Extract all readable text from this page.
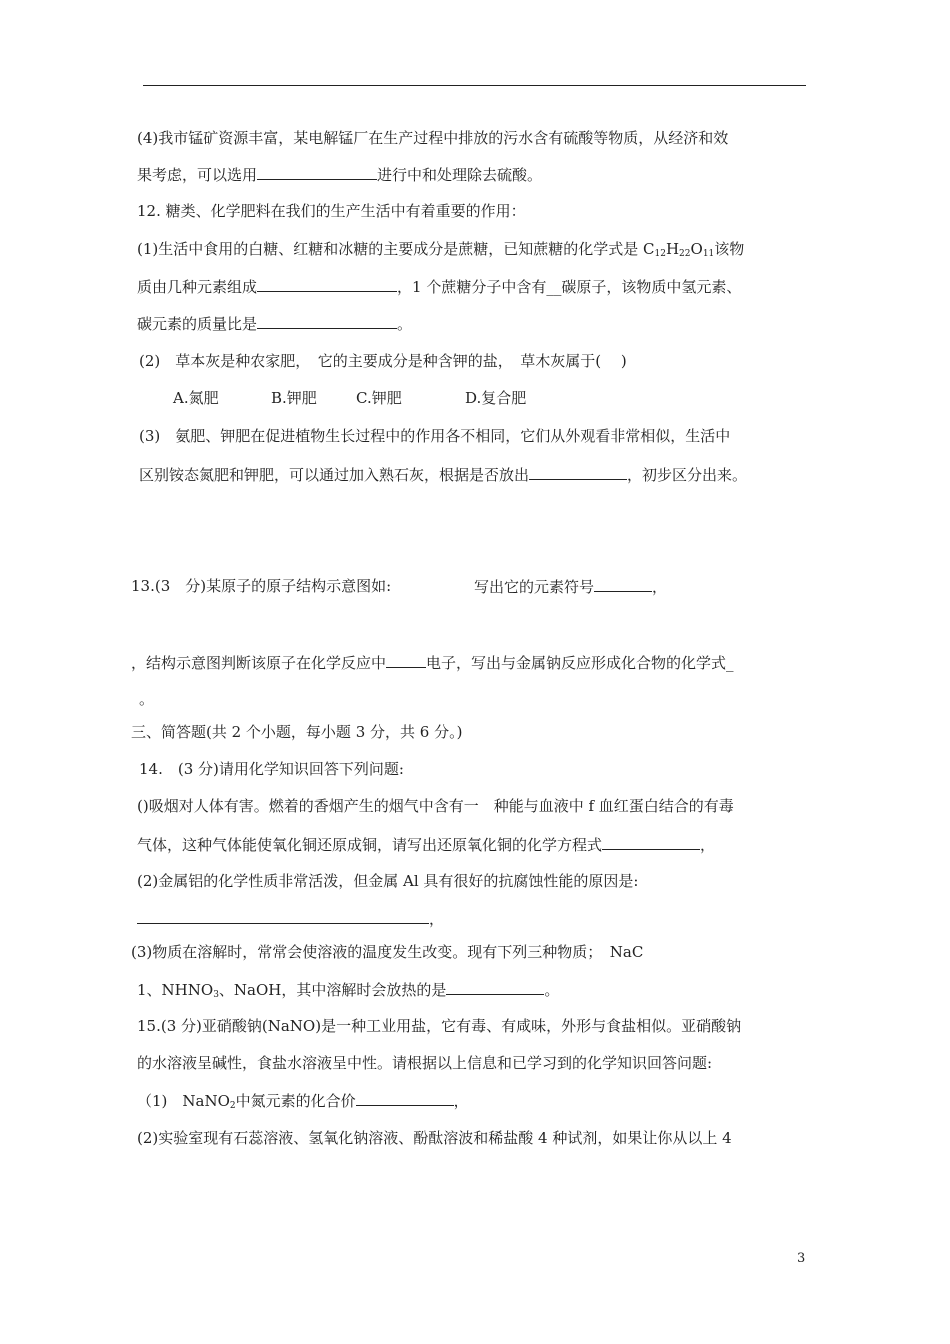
(4)我市锰矿资源丰富，某电解锰厂在生产过程中排放的污水含有硫酸等物质，从经济和效
果考虑，可以选用	进行中和处理除去硫酸。
12. 糖类、化学肥料在我们的生产生活中有着重要的作用：
(1)生活中食用的白糖、红糖和冰糖的主要成分是蔗糖，已知蔗糖的化学式是 $C_{12}H_{22}O_{11}$该物
质由几种元素组成	，1 个蔗糖分子中含有__碳原子，该物质中氢元素、
碳元素的质量比是	。
(2)　草本灰是种农家肥，　它的主要成分是种含钾的盐，　草木灰属于(　 )
A.氮肥	B.钾肥	C.钾肥	D.复合肥
(3)　氨肥、钾肥在促进植物生长过程中的作用各不相同，它们从外观看非常相似，生活中
区别铵态氮肥和钾肥，可以通过加入熟石灰，根据是否放出	，初步区分出来。
13.(3　分)某原子的原子结构示意图如:	写出它的元素符号	，
，结构示意图判断该原子在化学反应中	电子，写出与金属钠反应形成化合物的化学式_
。
三、简答题(共 2 个小题，每小题 3 分，共 6 分。)
14.　(3 分)请用化学知识回答下列问题:
()吸烟对人体有害。燃着的香烟产生的烟气中含有一　种能与血液中 f 血红蛋白结合的有毒
气体，这种气体能使氧化铜还原成铜，请写出还原氧化铜的化学方程式	，
(2)金属铝的化学性质非常活泼，但金属 Al 具有很好的抗腐蚀性能的原因是:
，
(3)物质在溶解时，常常会使溶液的温度发生改变。现有下列三种物质；　NaC
1、$NHNO_3$、NaOH，其中溶解时会放热的是	。
15.(3 分)亚硝酸钠(NaNO)是一种工业用盐，它有毒、有咸味，外形与食盐相似。亚硝酸钠
的水溶液呈碱性，食盐水溶液呈中性。请根据以上信息和已学习到的化学知识回答问题:
（1)　NaNO$_2$中氮元素的化合价	，
(2)实验室现有石蕊溶液、氢氧化钠溶液、酚酞溶波和稀盐酸 4 种试剂，如果让你从以上 4
3
